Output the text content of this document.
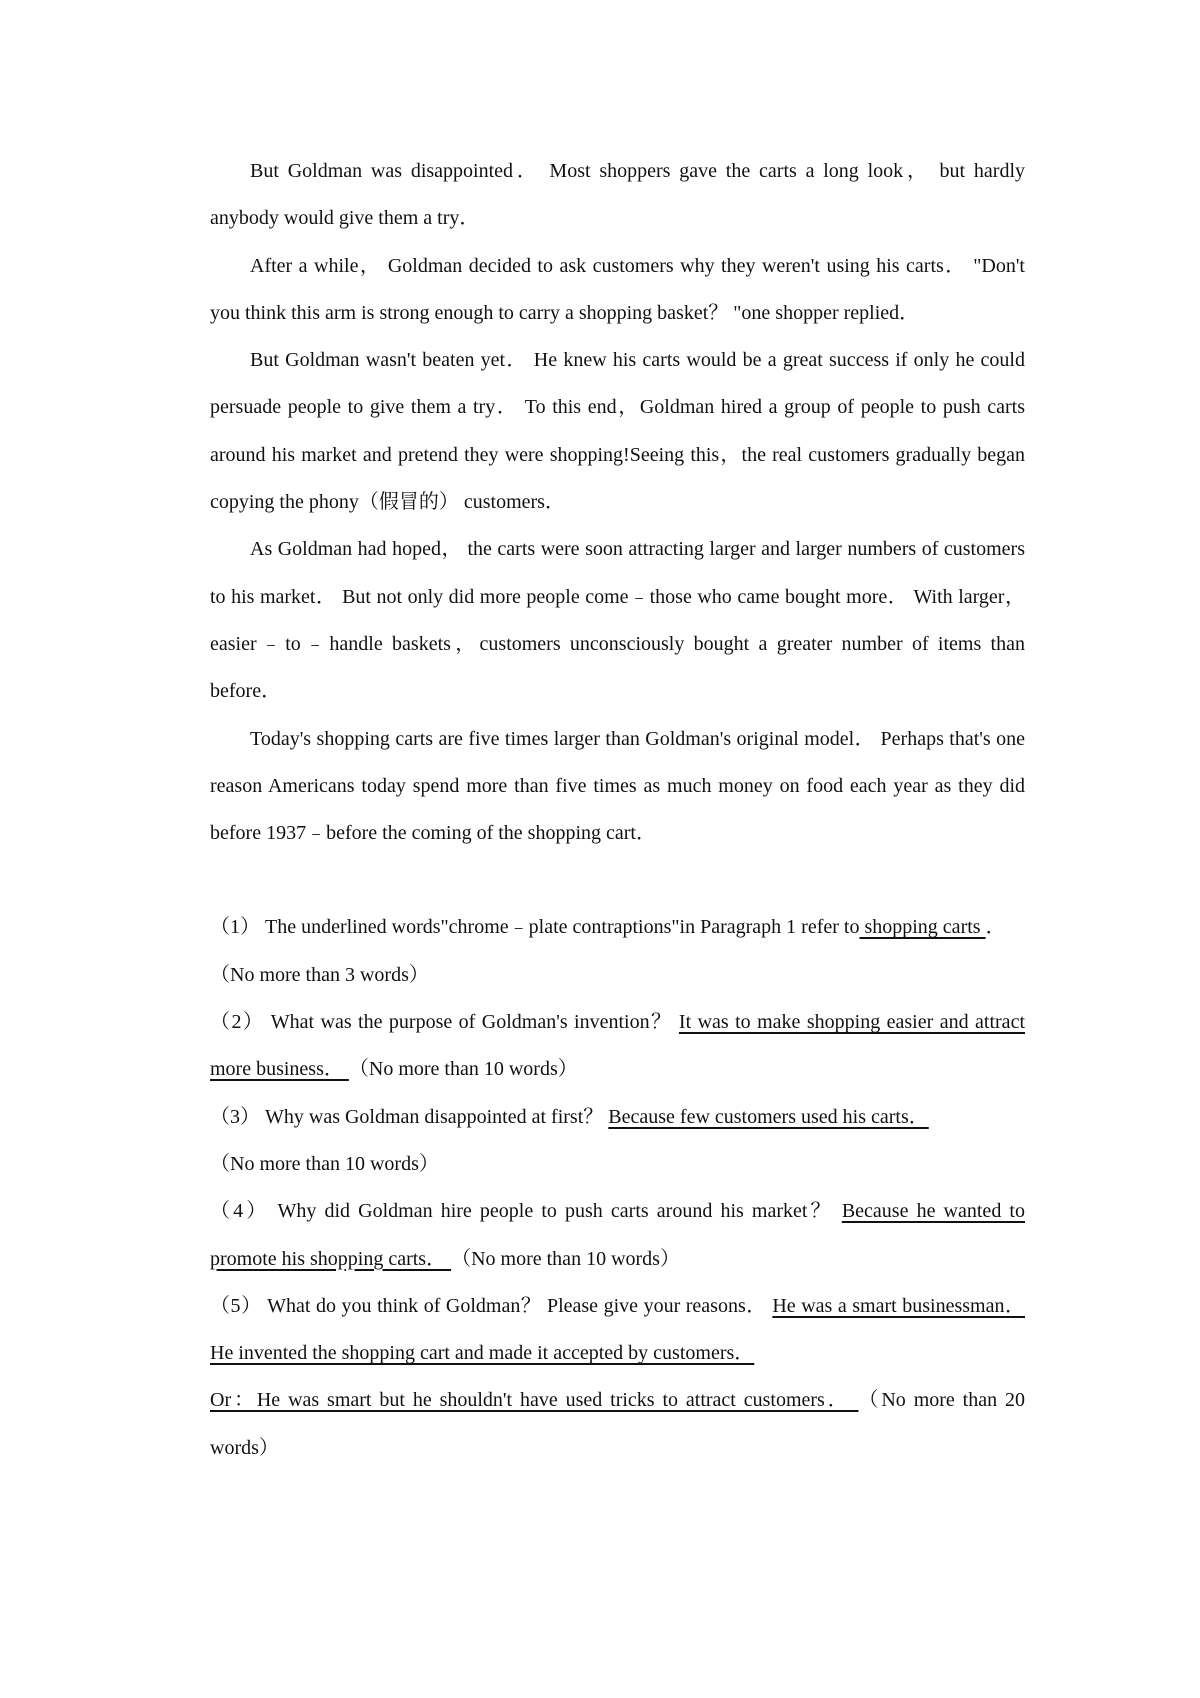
But Goldman was disappointed． Most shoppers gave the carts a long look， but hardly anybody would give them a try．

After a while， Goldman decided to ask customers why they weren't using his carts． "Don't you think this arm is strong enough to carry a shopping basket？ "one shopper replied．

But Goldman wasn't beaten yet． He knew his carts would be a great success if only he could persuade people to give them a try． To this end，Goldman hired a group of people to push carts around his market and pretend they were shopping!Seeing this，the real customers gradually began copying the phony（假冒的） customers．

As Goldman had hoped， the carts were soon attracting larger and larger numbers of customers to his market． But not only did more people come﹣those who came bought more． With larger，easier﹣to﹣handle baskets，customers unconsciously bought a greater number of items than before．

Today's shopping carts are five times larger than Goldman's original model． Perhaps that's one reason Americans today spend more than five times as much money on food each year as they did before 1937﹣before the coming of the shopping cart．

（1） The underlined words"chrome﹣plate contraptions"in Paragraph 1 refer to shopping carts ．

（No more than 3 words）

（2） What was the purpose of Goldman's invention？ It was to make shopping easier and attract more business． （No more than 10 words）

（3） Why was Goldman disappointed at first？ Because few customers used his carts．

（No more than 10 words）

（4） Why did Goldman hire people to push carts around his market？ Because he wanted to promote his shopping carts． （No more than 10 words）

（5） What do you think of Goldman？ Please give your reasons． He was a smart businessman． He invented the shopping cart and made it accepted by customers．

Or：He was smart but he shouldn't have used tricks to attract customers． （No more than 20 words）
